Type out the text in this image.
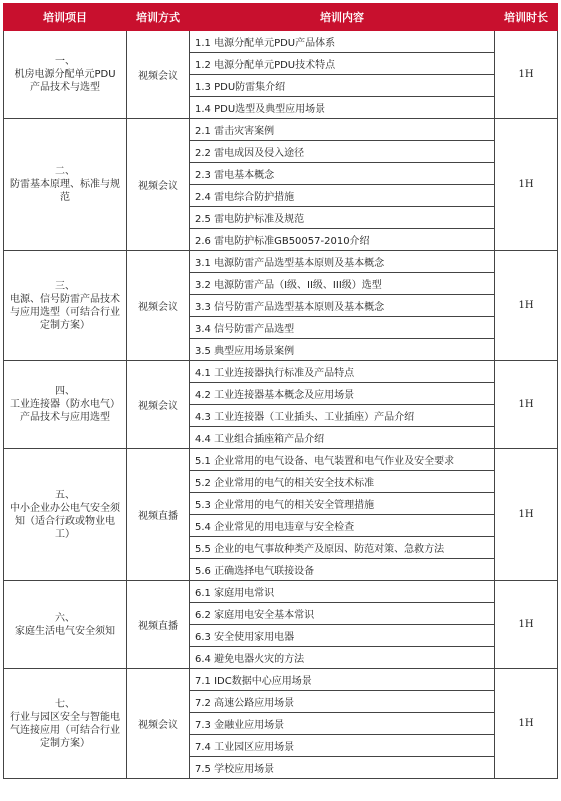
培训项目	培训方式	培训内容	培训时长

一、
机房电源分配单元PDU产品技术与选型	视频会议	1.1 电源分配单元PDU产品体系	1H
		1.2 电源分配单元PDU技术特点	
		1.3 PDU防雷集介绍	
		1.4 PDU选型及典型应用场景	

二、
防雷基本原理、标准与规范	视频会议	2.1 雷击灾害案例	1H
		2.2 雷电成因及侵入途径	
		2.3 雷电基本概念	
		2.4 雷电综合防护措施	
		2.5 雷电防护标准及规范	
		2.6 雷电防护标准GB50057-2010介绍	

三、
电源、信号防雷产品技术与应用选型（可结合行业定制方案）	视频会议	3.1 电源防雷产品选型基本原则及基本概念	1H
		3.2 电源防雷产品（I级、II级、III级）选型	
		3.3 信号防雷产品选型基本原则及基本概念	
		3.4 信号防雷产品选型	
		3.5 典型应用场景案例	

四、
工业连接器（防水电气）产品技术与应用选型	视频会议	4.1 工业连接器执行标准及产品特点	1H
		4.2 工业连接器基本概念及应用场景	
		4.3 工业连接器（工业插头、工业插座）产品介绍	
		4.4 工业组合插座箱产品介绍	

五、
中小企业办公电气安全须知（适合行政或物业电工）	视频直播	5.1 企业常用的电气设备、电气装置和电气作业及安全要求	1H
		5.2 企业常用的电气的相关安全技术标准	
		5.3 企业常用的电气的相关安全管理措施	
		5.4 企业常见的用电违章与安全检查	
		5.5 企业的电气事故种类产及原因、防范对策、急救方法	
		5.6 正确选择电气联接设备	

六、
家庭生活电气安全须知	视频直播	6.1 家庭用电常识	1H
		6.2 家庭用电安全基本常识	
		6.3 安全使用家用电器	
		6.4 避免电器火灾的方法	

七、
行业与园区安全与智能电气连接应用（可结合行业定制方案）	视频会议	7.1 IDC数据中心应用场景	1H
		7.2 高速公路应用场景	
		7.3 金融业应用场景	
		7.4 工业园区应用场景	
		7.5 学校应用场景	
